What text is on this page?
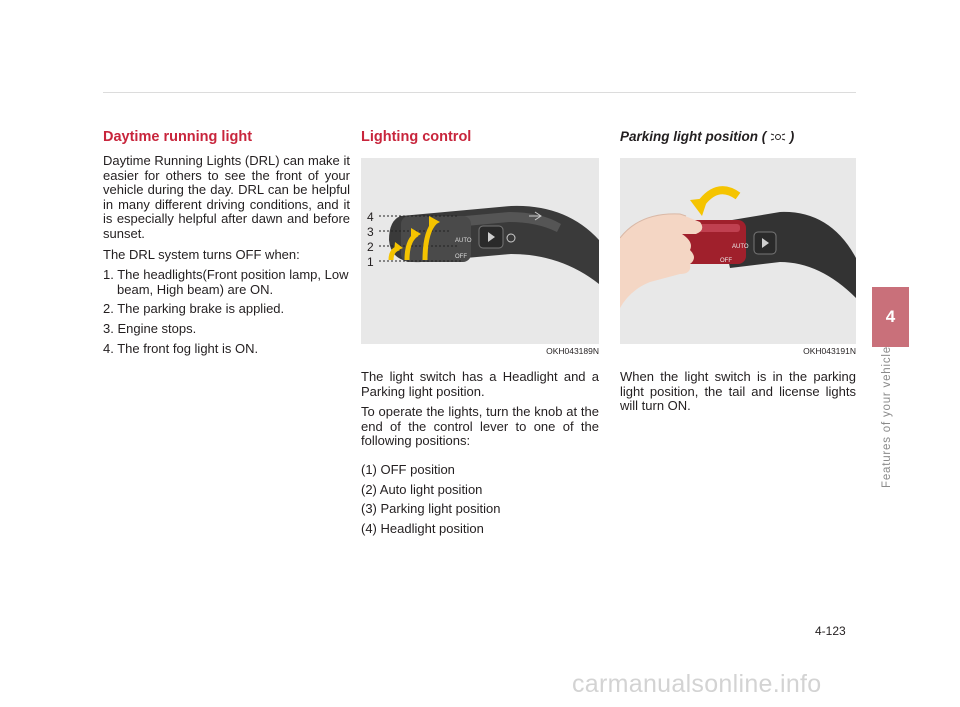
Daytime running light

Daytime Running Lights (DRL) can make it easier for others to see the front of your vehicle during the day. DRL can be helpful in many different driving conditions, and it is especially helpful after dawn and before sunset.

The DRL system turns OFF when:

1. The headlights(Front position lamp, Low beam, High beam) are ON.
2. The parking brake is applied.
3. Engine stops.
4. The front fog light is ON.
Lighting control
4
3
2
1
AUTO
OFF
OKH043189N

The light switch has a Headlight and a Parking light position.

To operate the lights, turn the knob at the end of the control lever to one of the following positions:

(1) OFF position
(2) Auto light position
(3) Parking light position
(4) Headlight position
Parking light position ( )
AUTO
OFF
OKH043191N

When the light switch is in the parking light position, the tail and license lights will turn ON.

4
Features of your vehicle
4-123
carmanualsonline.info
